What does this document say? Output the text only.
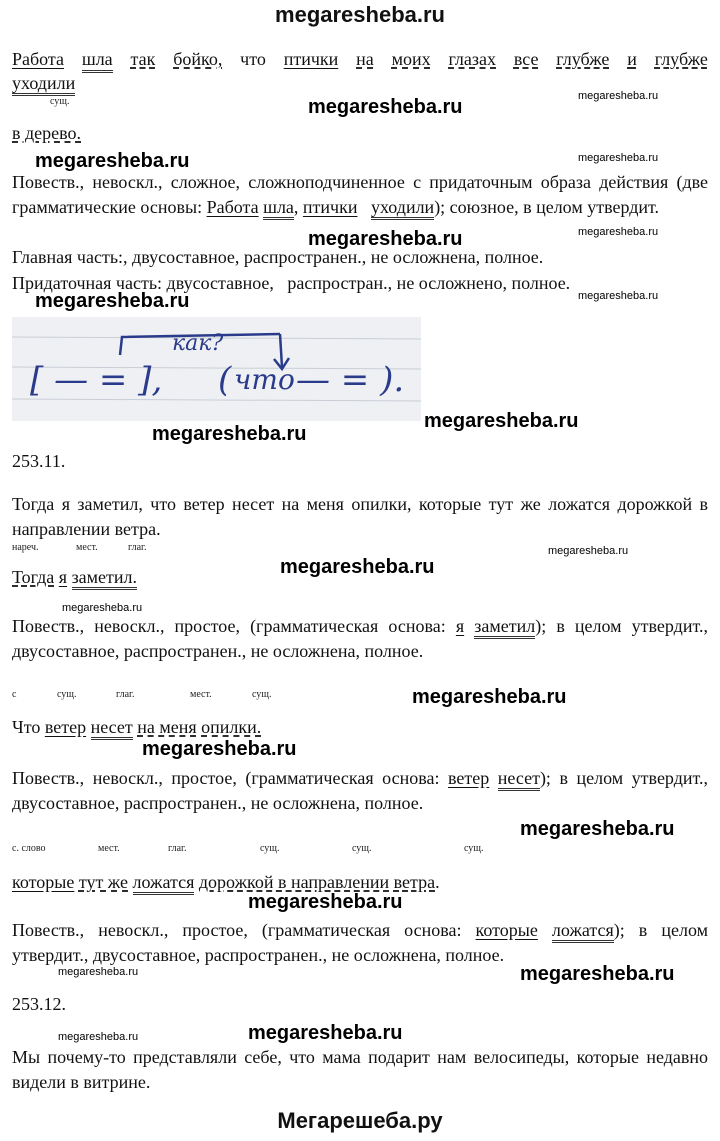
megaresheba.ru
Работа шла так бойко, что птички на моих глазах все глубже и глубже
уходили
сущ.	megaresheba.ru	megaresheba.ru
в дерево.
megaresheba.ru	megaresheba.ru
Повеств., невоскл., сложное, сложноподчиненное с придаточным образа действия (две грамматические основы: Работа шла, птички уходили); союзное, в целом утвердит.
megaresheba.ru	megaresheba.ru
Главная часть:, двусоставное, распространен., не осложнена, полное.
Придаточная часть: двусоставное,   распростран., не осложнено, полное.
megaresheba.ru	megaresheba.ru
как?
[ — = ], ( что — = ).
megaresheba.ru
megaresheba.ru
253.11.
Тогда я заметил, что ветер несет на меня опилки, которые тут же ложатся дорожкой в направлении ветра.
нареч.	мест.	глаг.	megaresheba.ru
Тогда я заметил.	megaresheba.ru
megaresheba.ru
Повеств., невоскл., простое, (грамматическая основа: я заметил); в целом утвердит., двусоставное, распространен., не осложнена, полное.
с	сущ.	глаг.	мест.	сущ.	megaresheba.ru
Что ветер несет на меня опилки.
megaresheba.ru
Повеств., невоскл., простое, (грамматическая основа: ветер несет); в целом утвердит., двусоставное, распространен., не осложнена, полное.
megaresheba.ru
с. слово	мест.	глаг.	сущ.	сущ.	сущ.
которые тут же ложатся дорожкой в направлении ветра.
megaresheba.ru
Повеств., невоскл., простое, (грамматическая основа: которые ложатся); в целом утвердит., двусоставное, распространен., не осложнена, полное.
megaresheba.ru	megaresheba.ru
253.12.
megaresheba.ru	megaresheba.ru
Мы почему-то представляли себе, что мама подарит нам велосипеды, которые недавно видели в витрине.
Мегарешеба.ру
